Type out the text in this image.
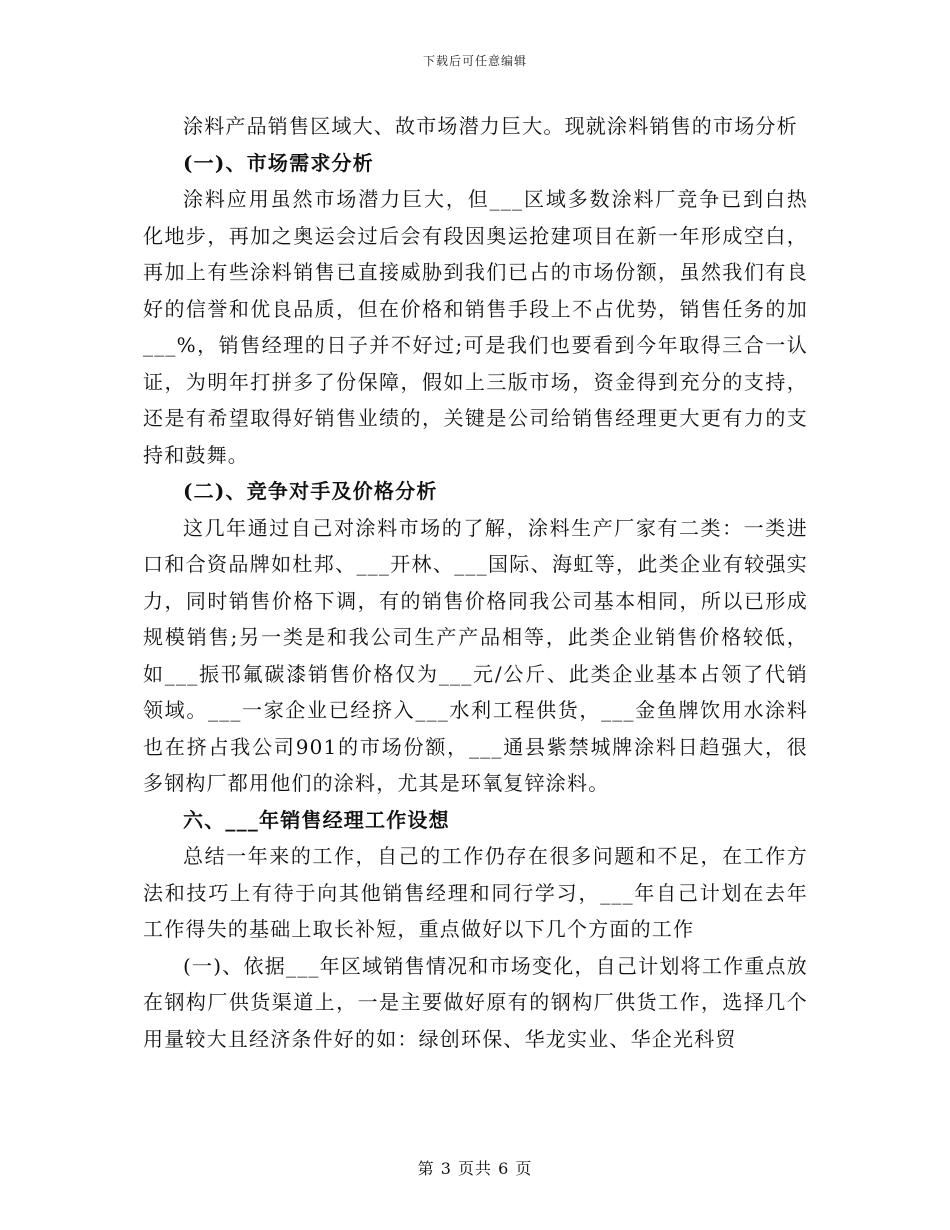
下载后可任意编辑

涂料产品销售区域大、故市场潜力巨大。现就涂料销售的市场分析

(一)、市场需求分析

涂料应用虽然市场潜力巨大，但___区域多数涂料厂竞争已到白热化地步，再加之奥运会过后会有段因奥运抢建项目在新一年形成空白，再加上有些涂料销售已直接威胁到我们已占的市场份额，虽然我们有良好的信誉和优良品质，但在价格和销售手段上不占优势，销售任务的加___%，销售经理的日子并不好过;可是我们也要看到今年取得三合一认证，为明年打拼多了份保障，假如上三版市场，资金得到充分的支持，还是有希望取得好销售业绩的，关键是公司给销售经理更大更有力的支持和鼓舞。

(二)、竞争对手及价格分析

这几年通过自己对涂料市场的了解，涂料生产厂家有二类：一类进口和合资品牌如杜邦、___开林、___国际、海虹等，此类企业有较强实力，同时销售价格下调，有的销售价格同我公司基本相同，所以已形成规模销售;另一类是和我公司生产产品相等，此类企业销售价格较低，如___振邗氟碳漆销售价格仅为___元/公斤、此类企业基本占领了代销领域。___一家企业已经挤入___水利工程供货，___金鱼牌饮用水涂料也在挤占我公司901的市场份额，___通县紫禁城牌涂料日趋强大，很多钢构厂都用他们的涂料，尤其是环氧复锌涂料。

六、___年销售经理工作设想

总结一年来的工作，自己的工作仍存在很多问题和不足，在工作方法和技巧上有待于向其他销售经理和同行学习，___年自己计划在去年工作得失的基础上取长补短，重点做好以下几个方面的工作

(一)、依据___年区域销售情况和市场变化，自己计划将工作重点放在钢构厂供货渠道上，一是主要做好原有的钢构厂供货工作，选择几个用量较大且经济条件好的如：绿创环保、华龙实业、华企光科贸

第 3 页共 6 页
